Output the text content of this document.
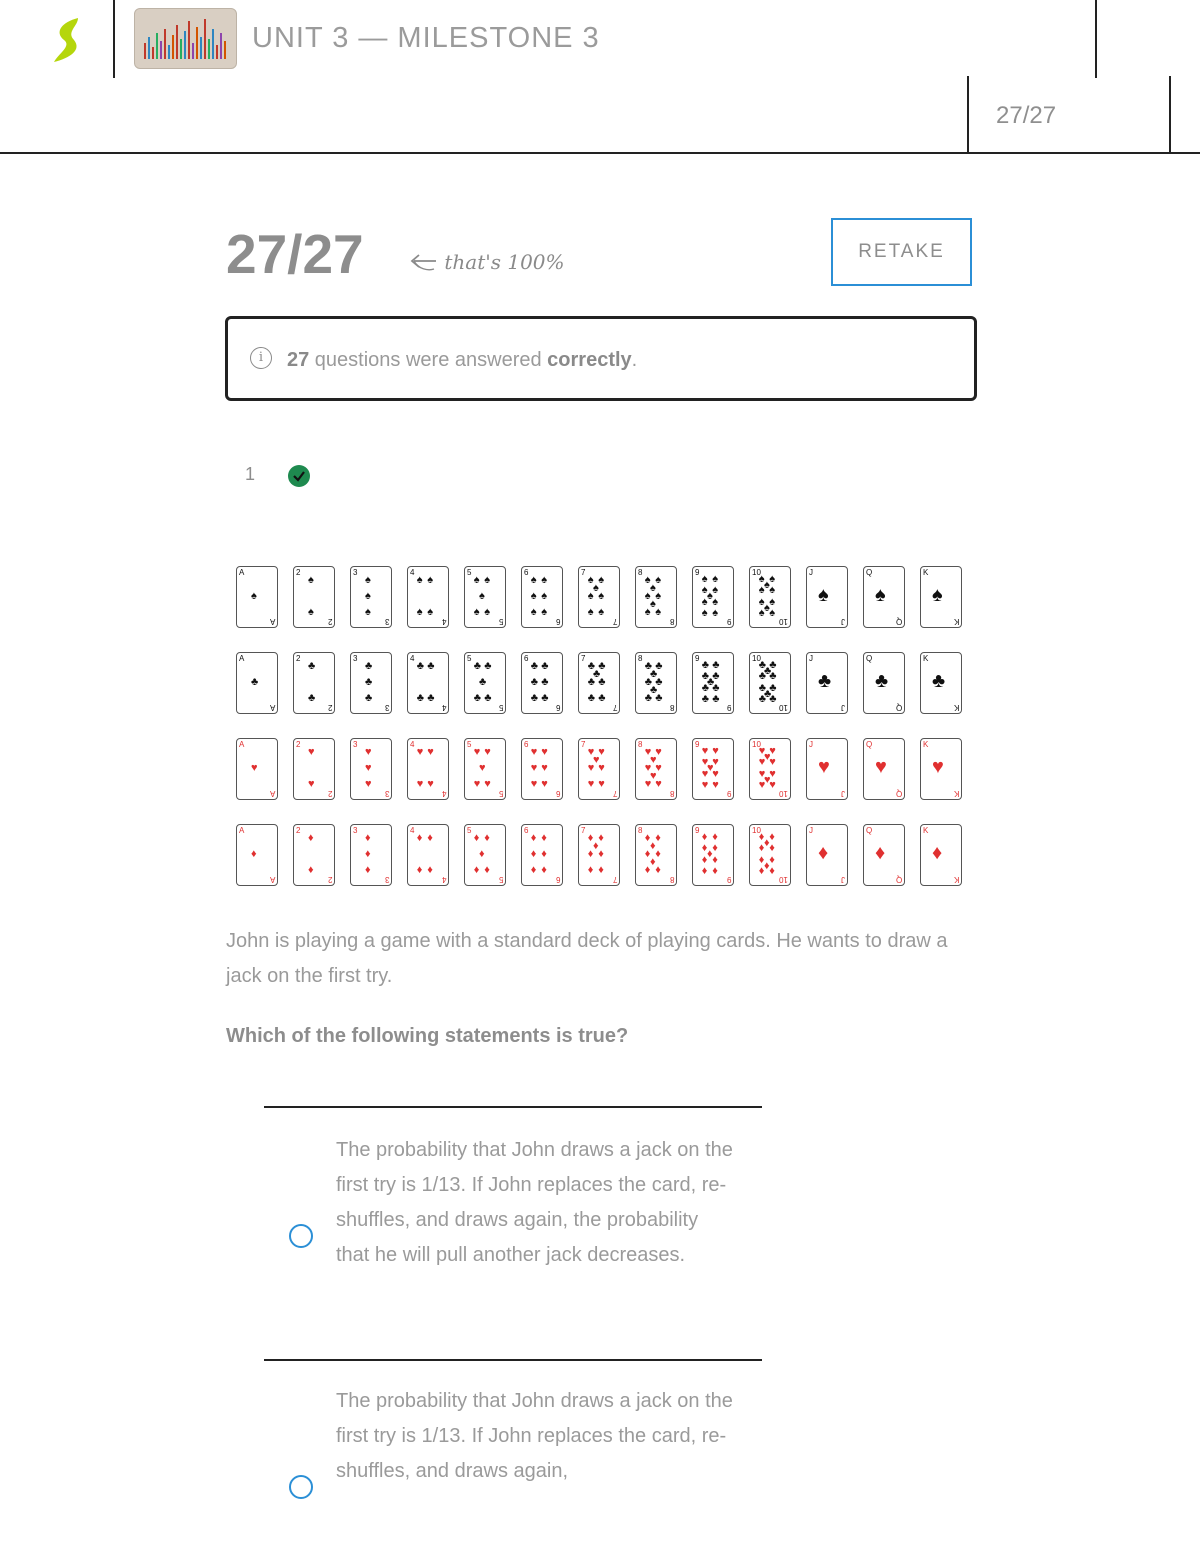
UNIT 3 — MILESTONE 3
27/27
27/27	that's 100%	RETAKE
i	27 questions were answered correctly.
1
A
A
♠
2
2
♠
♠
3
3
♠
♠
♠
4
4
♠ ♠
♠ ♠
5
5
♠ ♠
♠
♠ ♠
6
6
♠ ♠
♠ ♠
♠ ♠
7
7
♠ ♠
♠
♠ ♠
♠ ♠
8
8
♠ ♠
♠
♠ ♠
♠
♠ ♠
9
9
♠ ♠
♠ ♠
♠
♠ ♠
♠ ♠
10
10
♠ ♠
♠
♠ ♠
♠ ♠
♠
♠ ♠
J
J
♠
Q
Q
♠
K
K
♠
A
A
♣
2
2
♣
♣
3
3
♣
♣
♣
4
4
♣ ♣
♣ ♣
5
5
♣ ♣
♣
♣ ♣
6
6
♣ ♣
♣ ♣
♣ ♣
7
7
♣ ♣
♣
♣ ♣
♣ ♣
8
8
♣ ♣
♣
♣ ♣
♣
♣ ♣
9
9
♣ ♣
♣ ♣
♣
♣ ♣
♣ ♣
10
10
♣ ♣
♣
♣ ♣
♣ ♣
♣
♣ ♣
J
J
♣
Q
Q
♣
K
K
♣
A
A
♥
2
2
♥
♥
3
3
♥
♥
♥
4
4
♥ ♥
♥ ♥
5
5
♥ ♥
♥
♥ ♥
6
6
♥ ♥
♥ ♥
♥ ♥
7
7
♥ ♥
♥
♥ ♥
♥ ♥
8
8
♥ ♥
♥
♥ ♥
♥
♥ ♥
9
9
♥ ♥
♥ ♥
♥
♥ ♥
♥ ♥
10
10
♥ ♥
♥
♥ ♥
♥ ♥
♥
♥ ♥
J
J
♥
Q
Q
♥
K
K
♥
A
A
♦
2
2
♦
♦
3
3
♦
♦
♦
4
4
♦ ♦
♦ ♦
5
5
♦ ♦
♦
♦ ♦
6
6
♦ ♦
♦ ♦
♦ ♦
7
7
♦ ♦
♦
♦ ♦
♦ ♦
8
8
♦ ♦
♦
♦ ♦
♦
♦ ♦
9
9
♦ ♦
♦ ♦
♦
♦ ♦
♦ ♦
10
10
♦ ♦
♦
♦ ♦
♦ ♦
♦
♦ ♦
J
J
♦
Q
Q
♦
K
K
♦
John is playing a game with a standard deck of playing cards. He wants to draw a jack on the first try.
Which of the following statements is true?
The probability that John draws a jack on the first try is 1/13. If John replaces the card, re-shuffles, and draws again, the probability that he will pull another jack decreases.
The probability that John draws a jack on the first try is 1/13. If John replaces the card, re-shuffles, and draws again,
